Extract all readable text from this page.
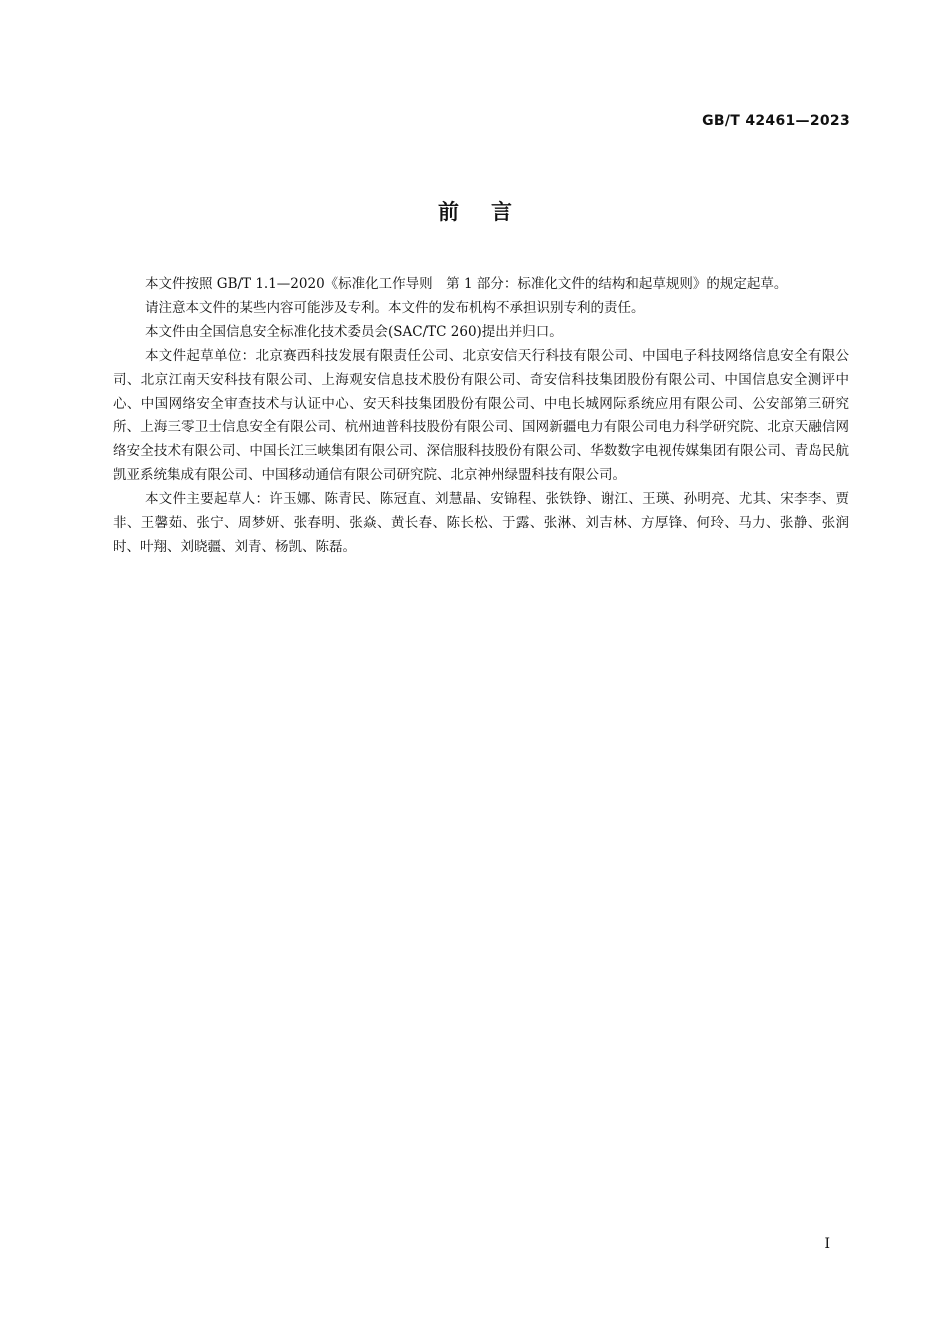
GB/T 42461—2023
前言

本文件按照 GB/T 1.1—2020《标准化工作导则　第 1 部分：标准化文件的结构和起草规则》的规定起草。

请注意本文件的某些内容可能涉及专利。本文件的发布机构不承担识别专利的责任。

本文件由全国信息安全标准化技术委员会(SAC/TC 260)提出并归口。

本文件起草单位：北京赛西科技发展有限责任公司、北京安信天行科技有限公司、中国电子科技网络信息安全有限公司、北京江南天安科技有限公司、上海观安信息技术股份有限公司、奇安信科技集团股份有限公司、中国信息安全测评中心、中国网络安全审查技术与认证中心、安天科技集团股份有限公司、中电长城网际系统应用有限公司、公安部第三研究所、上海三零卫士信息安全有限公司、杭州迪普科技股份有限公司、国网新疆电力有限公司电力科学研究院、北京天融信网络安全技术有限公司、中国长江三峡集团有限公司、深信服科技股份有限公司、华数数字电视传媒集团有限公司、青岛民航凯亚系统集成有限公司、中国移动通信有限公司研究院、北京神州绿盟科技有限公司。

本文件主要起草人：许玉娜、陈青民、陈冠直、刘慧晶、安锦程、张铁铮、谢江、王瑛、孙明亮、尤其、宋李李、贾非、王馨茹、张宁、周梦妍、张春明、张焱、黄长春、陈长松、于露、张淋、刘吉林、方厚锋、何玲、马力、张静、张润时、叶翔、刘晓疆、刘青、杨凯、陈磊。

I
